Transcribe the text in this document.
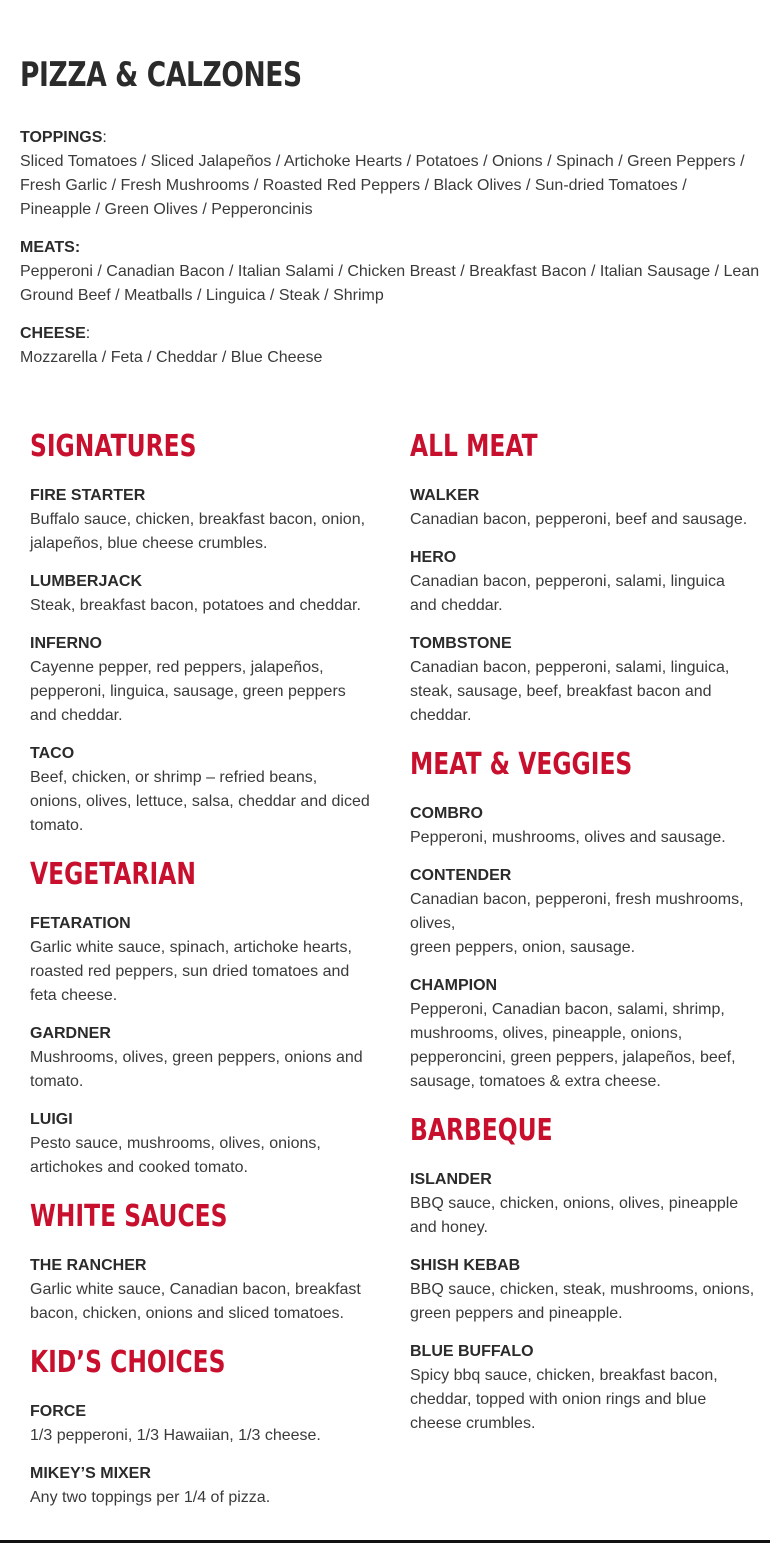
PIZZA & CALZONES
TOPPINGS:
Sliced Tomatoes / Sliced Jalapeños / Artichoke Hearts / Potatoes / Onions / Spinach / Green Peppers / Fresh Garlic / Fresh Mushrooms / Roasted Red Peppers / Black Olives / Sun-dried Tomatoes / Pineapple / Green Olives / Pepperoncinis
MEATS:
Pepperoni / Canadian Bacon / Italian Salami / Chicken Breast / Breakfast Bacon / Italian Sausage / Lean Ground Beef / Meatballs / Linguica / Steak / Shrimp
CHEESE:
Mozzarella / Feta / Cheddar / Blue Cheese
SIGNATURES
FIRE STARTER
Buffalo sauce, chicken, breakfast bacon, onion, jalapeños, blue cheese crumbles.
LUMBERJACK
Steak, breakfast bacon, potatoes and cheddar.
INFERNO
Cayenne pepper, red peppers, jalapeños, pepperoni, linguica, sausage, green peppers and cheddar.
TACO
Beef, chicken, or shrimp – refried beans, onions, olives, lettuce, salsa, cheddar and diced tomato.
VEGETARIAN
FETARATION
Garlic white sauce, spinach, artichoke hearts, roasted red peppers, sun dried tomatoes and feta cheese.
GARDNER
Mushrooms, olives, green peppers, onions and tomato.
LUIGI
Pesto sauce, mushrooms, olives, onions, artichokes and cooked tomato.
WHITE SAUCES
THE RANCHER
Garlic white sauce, Canadian bacon, breakfast bacon, chicken, onions and sliced tomatoes.
KID’S CHOICES
FORCE
1/3 pepperoni, 1/3 Hawaiian, 1/3 cheese.
MIKEY’S MIXER
Any two toppings per 1/4 of pizza.
ALL MEAT
WALKER
Canadian bacon, pepperoni, beef and sausage.
HERO
Canadian bacon, pepperoni, salami, linguica and cheddar.
TOMBSTONE
Canadian bacon, pepperoni, salami, linguica, steak, sausage, beef, breakfast bacon and cheddar.
MEAT & VEGGIES
COMBRO
Pepperoni, mushrooms, olives and sausage.
CONTENDER
Canadian bacon, pepperoni, fresh mushrooms, olives,
green peppers, onion, sausage.
CHAMPION
Pepperoni, Canadian bacon, salami, shrimp, mushrooms, olives, pineapple, onions, pepperoncini, green peppers, jalapeños, beef, sausage, tomatoes & extra cheese.
BARBEQUE
ISLANDER
BBQ sauce, chicken, onions, olives, pineapple and honey.
SHISH KEBAB
BBQ sauce, chicken, steak, mushrooms, onions, green peppers and pineapple.
BLUE BUFFALO
Spicy bbq sauce, chicken, breakfast bacon, cheddar, topped with onion rings and blue cheese crumbles.
